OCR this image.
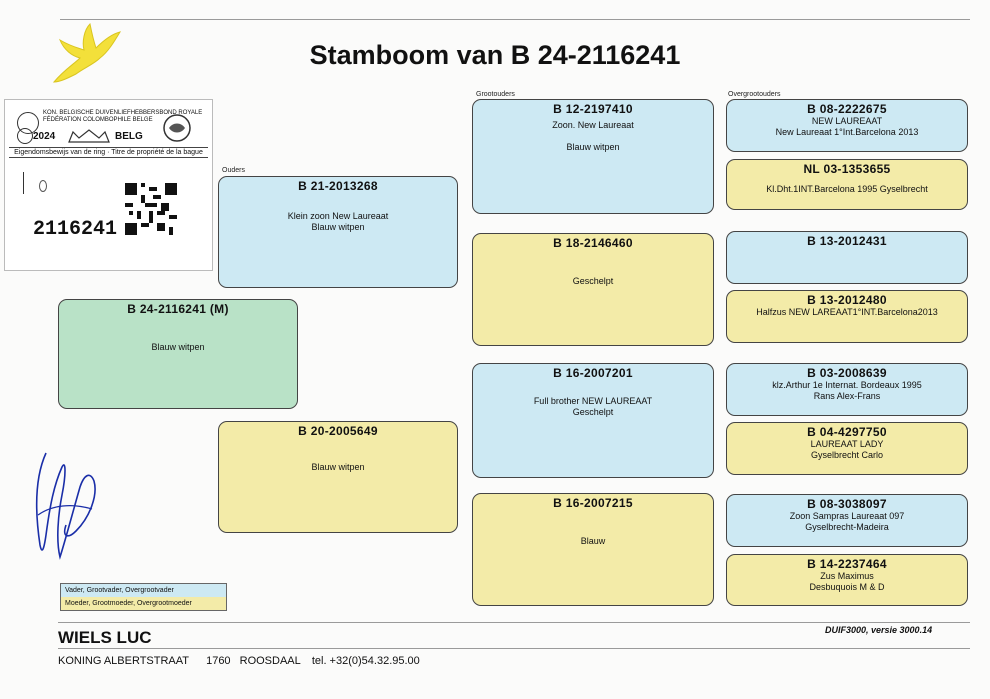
Stamboom van B 24-2116241
KON. BELGISCHE DUIVENLIEFHEBBERSBOND ROYALE FÉDÉRATION COLOMBOPHILE BELGE
2024	BELG
Eigendomsbewijs van de ring · Titre de propriété de la bague
2116241
Ouders
Grootouders	Overgrootouders
B 24-2116241 (M)
Blauw witpen
B 21-2013268
Klein zoon New Laureaat
Blauw witpen
B 20-2005649
Blauw witpen
B 12-2197410
Zoon. New Laureaat

Blauw witpen
B 18-2146460
Geschelpt
B 16-2007201
Full brother NEW LAUREAAT
Geschelpt
B 16-2007215
Blauw
B 08-2222675
NEW LAUREAAT
New Laureaat 1°Int.Barcelona 2013
NL 03-1353655
Kl.Dht.1INT.Barcelona 1995 Gyselbrecht
B 13-2012431
B 13-2012480
Halfzus NEW LAREAAT1°INT.Barcelona2013
B 03-2008639
klz.Arthur 1e Internat. Bordeaux 1995
Rans Alex-Frans
B 04-4297750
LAUREAAT LADY
Gyselbrecht Carlo
B 08-3038097
Zoon Sampras Laureaat 097
Gyselbrecht-Madeira
B 14-2237464
Zus Maximus
Desbuquois M & D
Vader, Grootvader, Overgrootvader
Moeder, Grootmoeder, Overgrootmoeder
WIELS LUC	DUIF3000, versie 3000.14
KONING ALBERTSTRAAT 1760 ROOSDAAL tel. +32(0)54.32.95.00
